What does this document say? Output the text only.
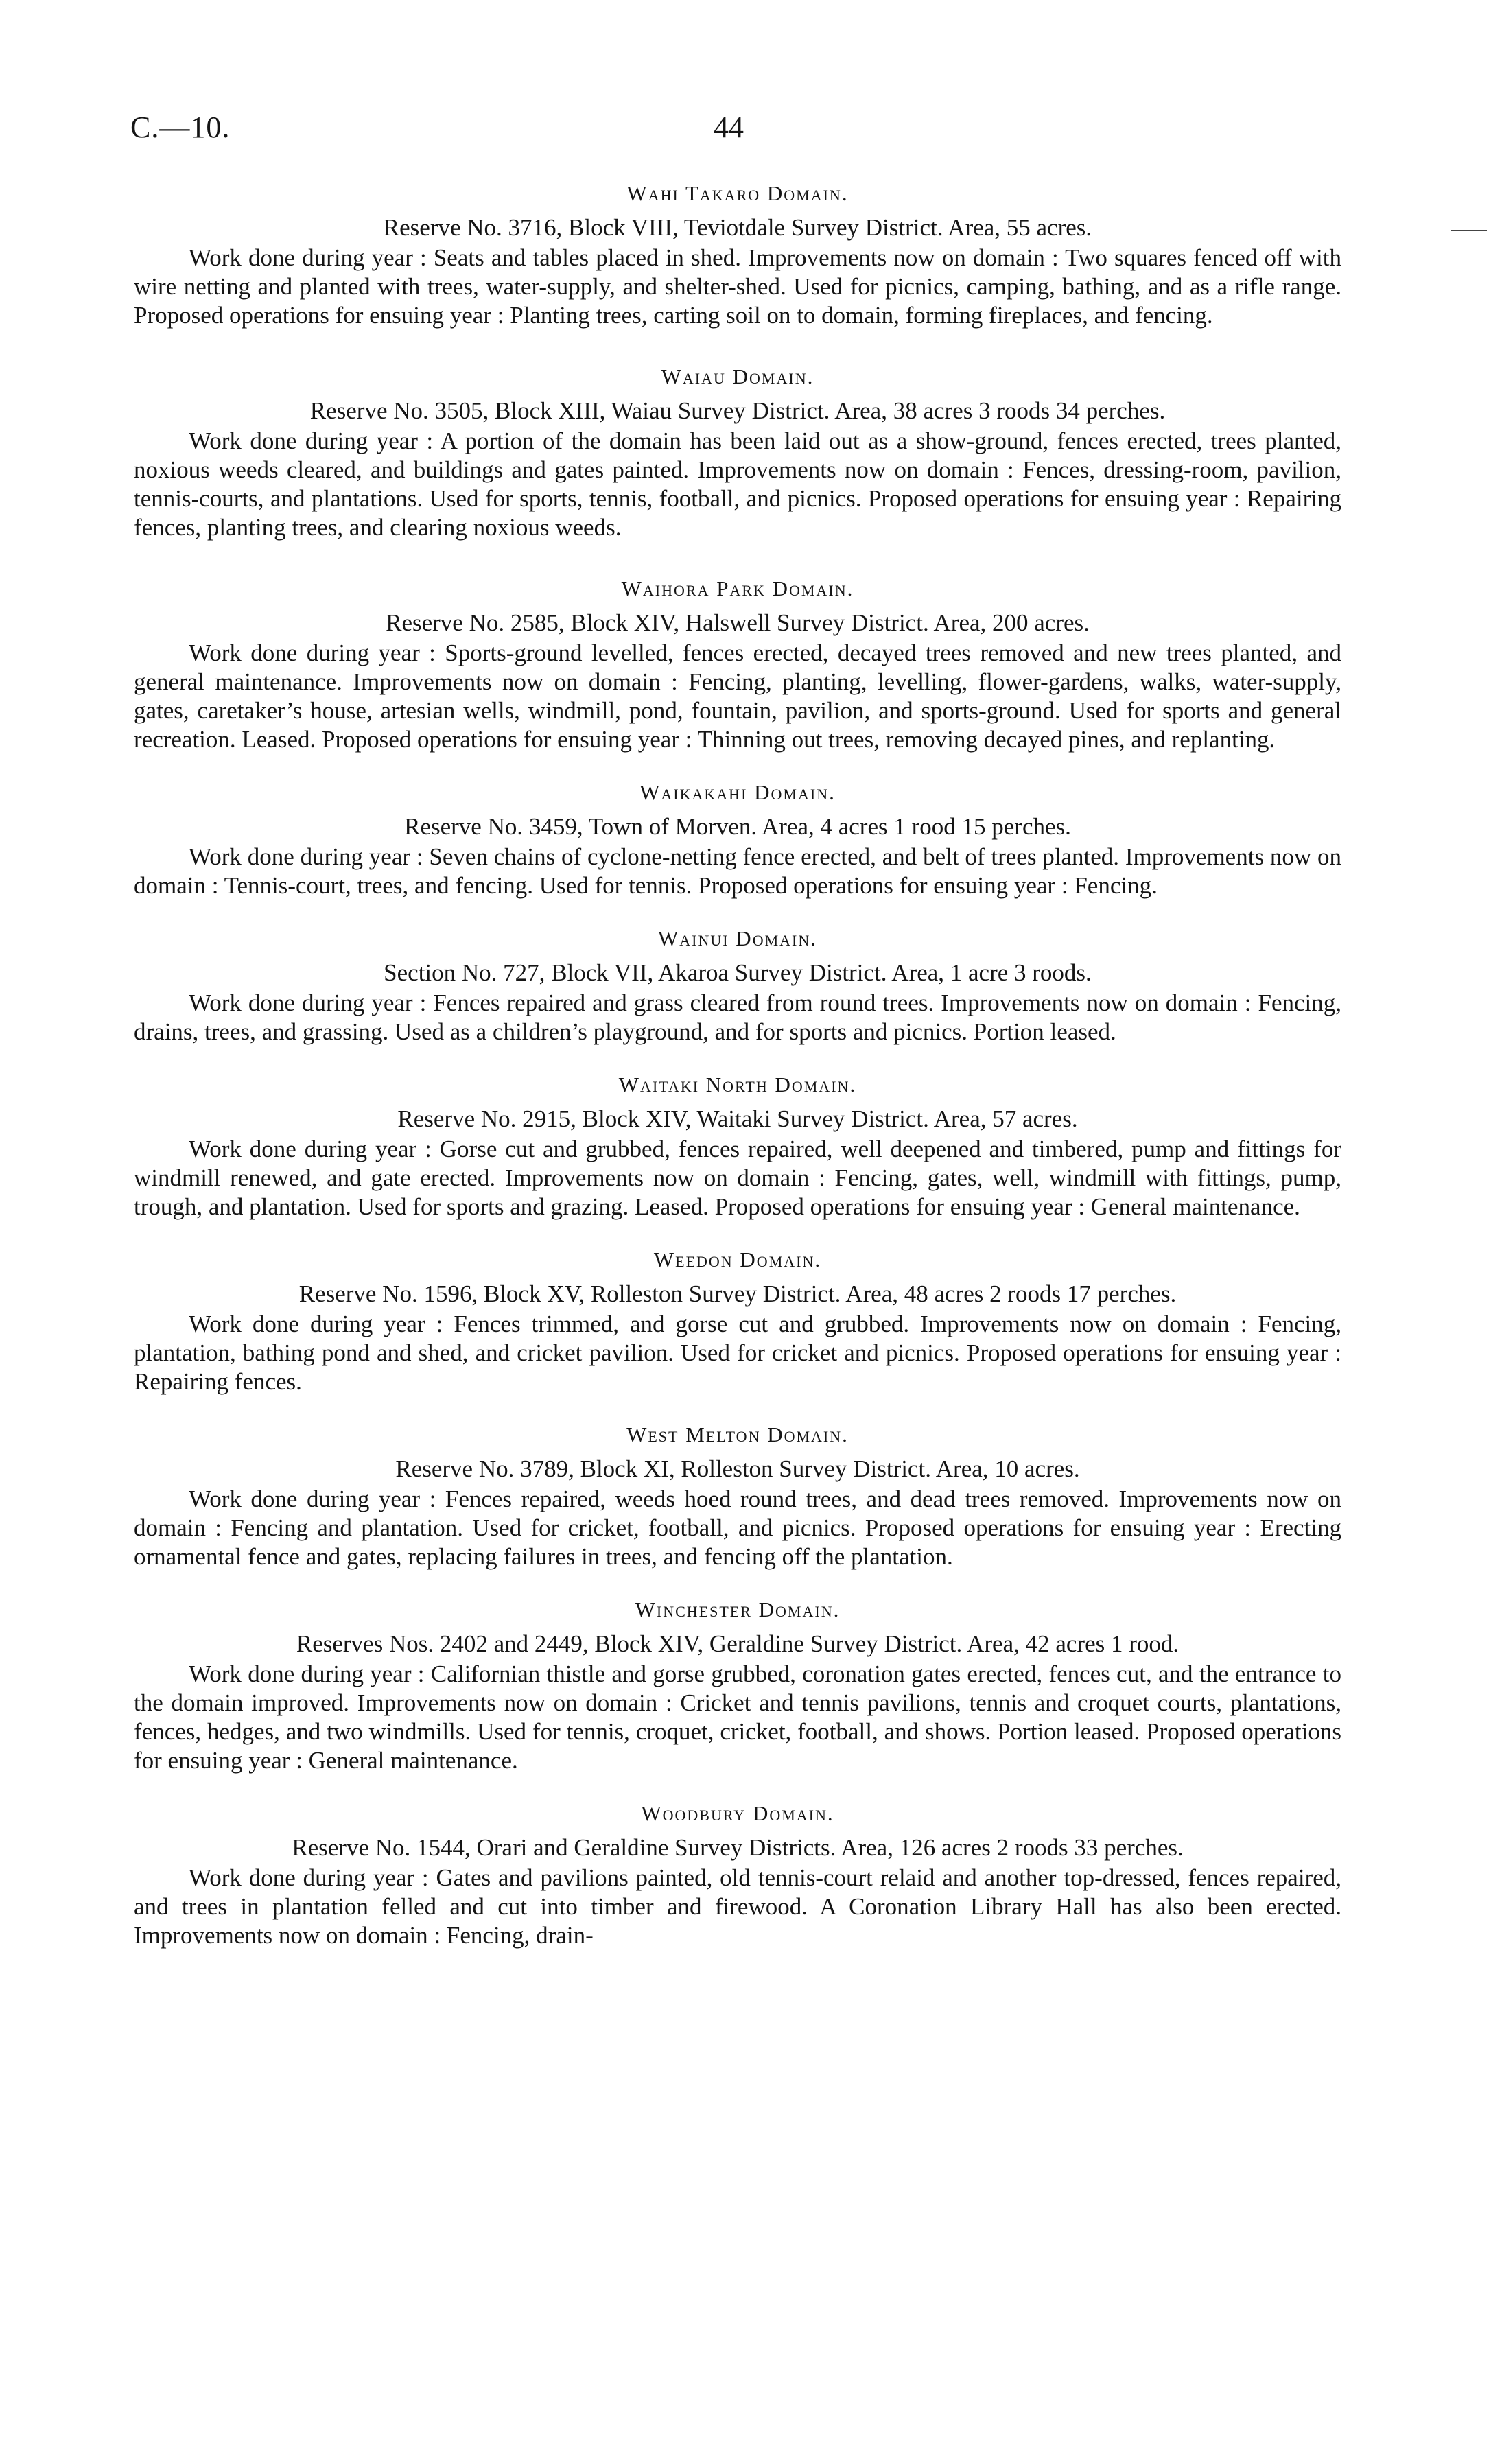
C.—10.	44
Wahi Takaro Domain.

Reserve No. 3716, Block VIII, Teviotdale Survey District. Area, 55 acres.

Work done during year : Seats and tables placed in shed. Improvements now on domain : Two squares fenced off with wire netting and planted with trees, water-supply, and shelter-shed. Used for picnics, camping, bathing, and as a rifle range. Proposed operations for ensuing year : Planting trees, carting soil on to domain, forming fireplaces, and fencing.

Waiau Domain.

Reserve No. 3505, Block XIII, Waiau Survey District. Area, 38 acres 3 roods 34 perches.

Work done during year : A portion of the domain has been laid out as a show-ground, fences erected, trees planted, noxious weeds cleared, and buildings and gates painted. Improvements now on domain : Fences, dressing-room, pavilion, tennis-courts, and plantations. Used for sports, tennis, football, and picnics. Proposed operations for ensuing year : Repairing fences, planting trees, and clearing noxious weeds.

Waihora Park Domain.

Reserve No. 2585, Block XIV, Halswell Survey District. Area, 200 acres.

Work done during year : Sports-ground levelled, fences erected, decayed trees removed and new trees planted, and general maintenance. Improvements now on domain : Fencing, planting, levelling, flower-gardens, walks, water-supply, gates, caretaker’s house, artesian wells, windmill, pond, fountain, pavilion, and sports-ground. Used for sports and general recreation. Leased. Proposed operations for ensuing year : Thinning out trees, removing decayed pines, and replanting.

Waikakahi Domain.

Reserve No. 3459, Town of Morven. Area, 4 acres 1 rood 15 perches.

Work done during year : Seven chains of cyclone-netting fence erected, and belt of trees planted. Improvements now on domain : Tennis-court, trees, and fencing. Used for tennis. Proposed operations for ensuing year : Fencing.

Wainui Domain.

Section No. 727, Block VII, Akaroa Survey District. Area, 1 acre 3 roods.

Work done during year : Fences repaired and grass cleared from round trees. Improvements now on domain : Fencing, drains, trees, and grassing. Used as a children’s playground, and for sports and picnics. Portion leased.

Waitaki North Domain.

Reserve No. 2915, Block XIV, Waitaki Survey District. Area, 57 acres.

Work done during year : Gorse cut and grubbed, fences repaired, well deepened and timbered, pump and fittings for windmill renewed, and gate erected. Improvements now on domain : Fencing, gates, well, windmill with fittings, pump, trough, and plantation. Used for sports and grazing. Leased. Proposed operations for ensuing year : General maintenance.

Weedon Domain.

Reserve No. 1596, Block XV, Rolleston Survey District. Area, 48 acres 2 roods 17 perches.

Work done during year : Fences trimmed, and gorse cut and grubbed. Improvements now on domain : Fencing, plantation, bathing pond and shed, and cricket pavilion. Used for cricket and picnics. Proposed operations for ensuing year : Repairing fences.

West Melton Domain.

Reserve No. 3789, Block XI, Rolleston Survey District. Area, 10 acres.

Work done during year : Fences repaired, weeds hoed round trees, and dead trees removed. Improvements now on domain : Fencing and plantation. Used for cricket, football, and picnics. Proposed operations for ensuing year : Erecting ornamental fence and gates, replacing failures in trees, and fencing off the plantation.

Winchester Domain.

Reserves Nos. 2402 and 2449, Block XIV, Geraldine Survey District. Area, 42 acres 1 rood.

Work done during year : Californian thistle and gorse grubbed, coronation gates erected, fences cut, and the entrance to the domain improved. Improvements now on domain : Cricket and tennis pavilions, tennis and croquet courts, plantations, fences, hedges, and two windmills. Used for tennis, croquet, cricket, football, and shows. Portion leased. Proposed operations for ensuing year : General maintenance.

Woodbury Domain.

Reserve No. 1544, Orari and Geraldine Survey Districts. Area, 126 acres 2 roods 33 perches.

Work done during year : Gates and pavilions painted, old tennis-court relaid and another top-dressed, fences repaired, and trees in plantation felled and cut into timber and firewood. A Coronation Library Hall has also been erected. Improvements now on domain : Fencing, drain-
